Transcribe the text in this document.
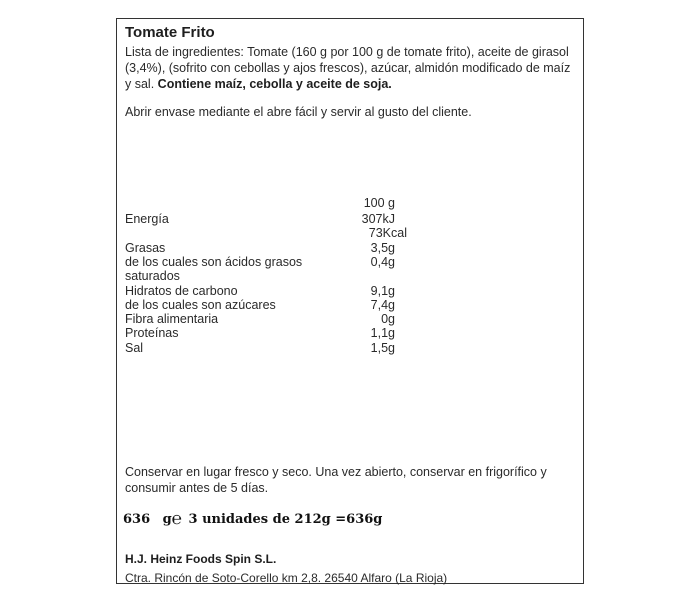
Tomate Frito
Lista de ingredientes: Tomate (160 g por 100 g de tomate frito), aceite de girasol (3,4%), (sofrito con cebollas y ajos frescos), azúcar, almidón modificado de maíz y sal. Contiene maíz, cebolla y aceite de soja.
Abrir envase mediante el abre fácil y servir al gusto del cliente.
100 g
Energía	307kJ
73Kcal
Grasas	3,5g
de los cuales son ácidos grasos	0,4g
saturados
Hidratos de carbono	9,1g
de los cuales son azúcares	7,4g
Fibra alimentaria	0g
Proteínas	1,1g
Sal	1,5g
Conservar en lugar fresco y seco. Una vez abierto, conservar en frigorífico y consumir antes de 5 días.
636 g℮ 3 unidades de 212g =636g
H.J. Heinz Foods Spin S.L.
Ctra. Rincón de Soto-Corello km 2,8. 26540 Alfaro (La Rioja)
